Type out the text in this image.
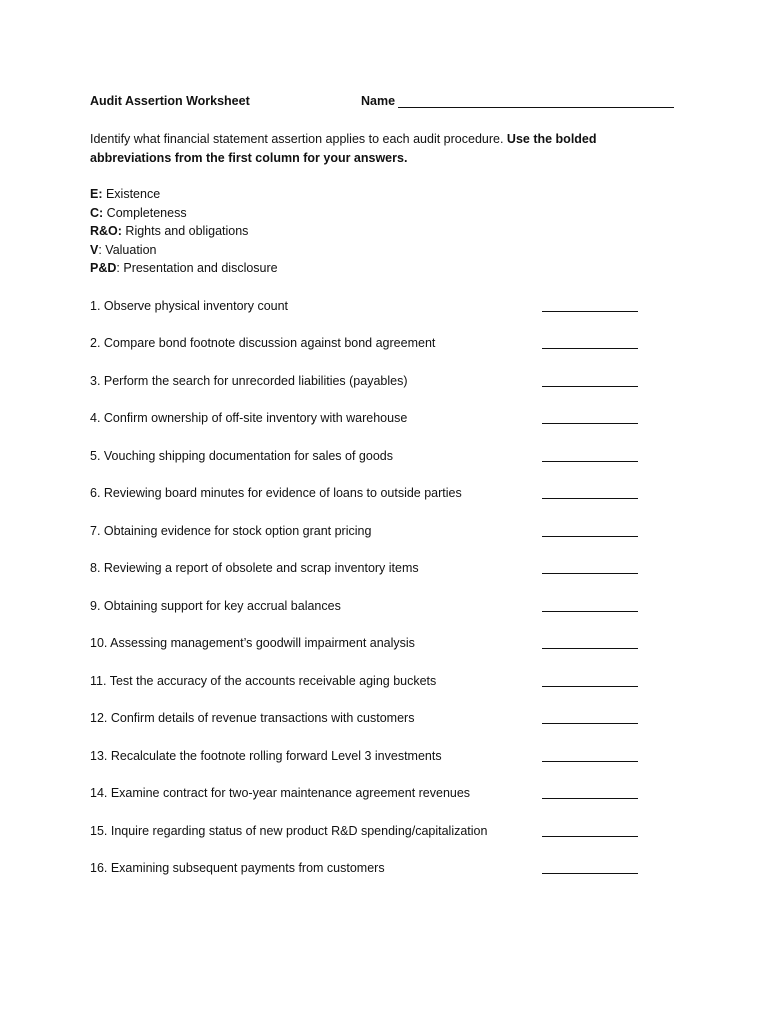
Audit Assertion Worksheet	Name
Identify what financial statement assertion applies to each audit procedure. Use the bolded abbreviations from the first column for your answers.
E: Existence
C: Completeness
R&O: Rights and obligations
V: Valuation
P&D: Presentation and disclosure
1. Observe physical inventory count
2. Compare bond footnote discussion against bond agreement
3. Perform the search for unrecorded liabilities (payables)
4. Confirm ownership of off-site inventory with warehouse
5. Vouching shipping documentation for sales of goods
6. Reviewing board minutes for evidence of loans to outside parties
7. Obtaining evidence for stock option grant pricing
8. Reviewing a report of obsolete and scrap inventory items
9. Obtaining support for key accrual balances
10. Assessing management’s goodwill impairment analysis
11. Test the accuracy of the accounts receivable aging buckets
12. Confirm details of revenue transactions with customers
13. Recalculate the footnote rolling forward Level 3 investments
14. Examine contract for two-year maintenance agreement revenues
15. Inquire regarding status of new product R&D spending/capitalization
16. Examining subsequent payments from customers
